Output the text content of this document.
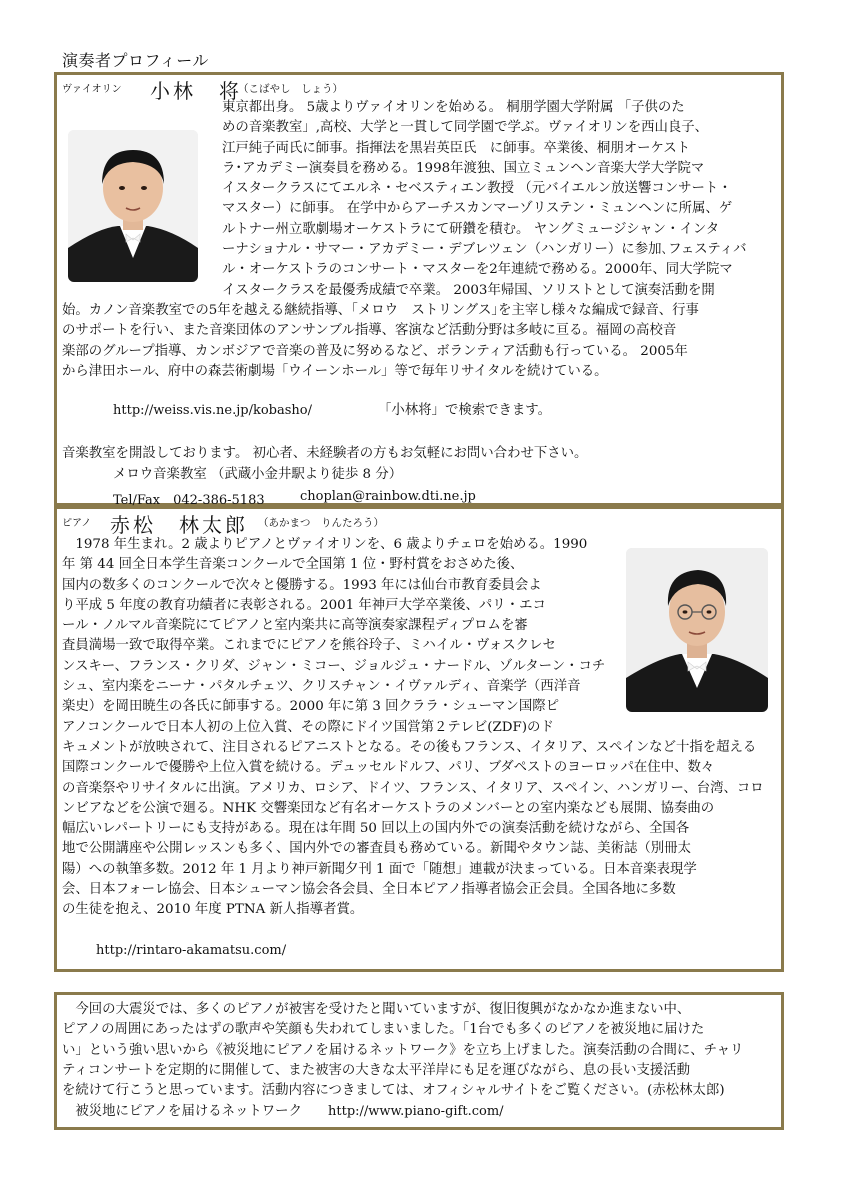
演奏者プロフィール
ヴァイオリン 小林　将
（こばやし　しょう）
東京都出身。 5歳よりヴァイオリンを始める。 桐朋学園大学附属 「子供のた
めの音楽教室」,高校、大学と一貫して同学園で学ぶ。ヴァイオリンを西山良子、
江戸純子両氏に師事。指揮法を黒岩英臣氏　に師事。卒業後、桐朋オーケスト
ラ･アカデミー演奏員を務める。1998年渡独、国立ミュンヘン音楽大学大学院マ
イスタークラスにてエルネ・セベスティエン教授 （元バイエルン放送響コンサート・
マスター）に師事。 在学中からアーチスカンマーゾリステン・ミュンヘンに所属、ゲ
ルトナー州立歌劇場オーケストラにて研鑽を積む。 ヤングミュージシャン・インタ
ーナショナル・サマー・アカデミー・デブレツェン（ハンガリー）に参加､フェスティバ
ル・オーケストラのコンサート・マスターを2年連続で務める。2000年、同大学院マ
イスタークラスを最優秀成績で卒業。 2003年帰国、ソリストとして演奏活動を開
始。カノン音楽教室での5年を越える継続指導、｢メロウ　ストリングス｣を主宰し様々な編成で録音、行事
のサポートを行い、また音楽団体のアンサンブル指導、客演など活動分野は多岐に亘る。福岡の高校音
楽部のグループ指導、カンボジアで音楽の普及に努めるなど、ボランティア活動も行っている。 2005年
から津田ホール、府中の森芸術劇場「ウイーンホール」等で毎年リサイタルを続けている。
http://weiss.vis.ne.jp/kobasho/	「小林将」で検索できます。
音楽教室を開設しております。 初心者、未経験者の方もお気軽にお問い合わせ下さい。
メロウ音楽教室 （武蔵小金井駅より徒歩 8 分）
Tel/Fax　042-386-5183	choplan@rainbow.dti.ne.jp
ピアノ 赤松　林太郎 （あかまつ　りんたろう）
　1978 年生まれ。2 歳よりピアノとヴァイオリンを、6 歳よりチェロを始める。1990
年 第 44 回全日本学生音楽コンクールで全国第 1 位・野村賞をおさめた後、
国内の数多くのコンクールで次々と優勝する。1993 年には仙台市教育委員会よ
り平成 5 年度の教育功績者に表彰される。2001 年神戸大学卒業後、パリ・エコ
ール・ノルマル音楽院にてピアノと室内楽共に高等演奏家課程ディプロムを審
査員満場一致で取得卒業。これまでにピアノを熊谷玲子、ミハイル・ヴォスクレセ
ンスキー、フランス・クリダ、ジャン・ミコー、ジョルジュ・ナードル、ゾルターン・コチ
シュ、室内楽をニーナ・パタルチェツ、クリスチャン・イヴァルディ、音楽学（西洋音
楽史）を岡田暁生の各氏に師事する。2000 年に第 3 回クララ・シューマン国際ピ
アノコンクールで日本人初の上位入賞、その際にドイツ国営第２テレビ(ZDF)のド
キュメントが放映されて、注目されるピアニストとなる。その後もフランス、イタリア、スペインなど十指を超える
国際コンクールで優勝や上位入賞を続ける。デュッセルドルフ、パリ、ブダペストのヨーロッパ在住中、数々
の音楽祭やリサイタルに出演。アメリカ、ロシア、ドイツ、フランス、イタリア、スペイン、ハンガリー、台湾、コロ
ンビアなどを公演で廻る。NHK 交響楽団など有名オーケストラのメンバーとの室内楽なども展開、協奏曲の
幅広いレパートリーにも支持がある。現在は年間 50 回以上の国内外での演奏活動を続けながら、全国各
地で公開講座や公開レッスンも多く、国内外での審査員も務めている。新聞やタウン誌、美術誌（別冊太
陽）への執筆多数。2012 年 1 月より神戸新聞夕刊 1 面で「随想」連載が決まっている。日本音楽表現学
会、日本フォーレ協会、日本シューマン協会各会員、全日本ピアノ指導者協会正会員。全国各地に多数
の生徒を抱え、2010 年度 PTNA 新人指導者賞。
http://rintaro-akamatsu.com/
　今回の大震災では、多くのピアノが被害を受けたと聞いていますが、復旧復興がなかなか進まない中、
ピアノの周囲にあったはずの歌声や笑顔も失われてしまいました。「1台でも多くのピアノを被災地に届けた
い」という強い思いから《被災地にピアノを届けるネットワーク》を立ち上げました。演奏活動の合間に、チャリ
ティコンサートを定期的に開催して、また被害の大きな太平洋岸にも足を運びながら、息の長い支援活動
を続けて行こうと思っています。活動内容につきましては、オフィシャルサイトをご覧ください。(赤松林太郎)
　被災地にピアノを届けるネットワーク http://www.piano-gift.com/
